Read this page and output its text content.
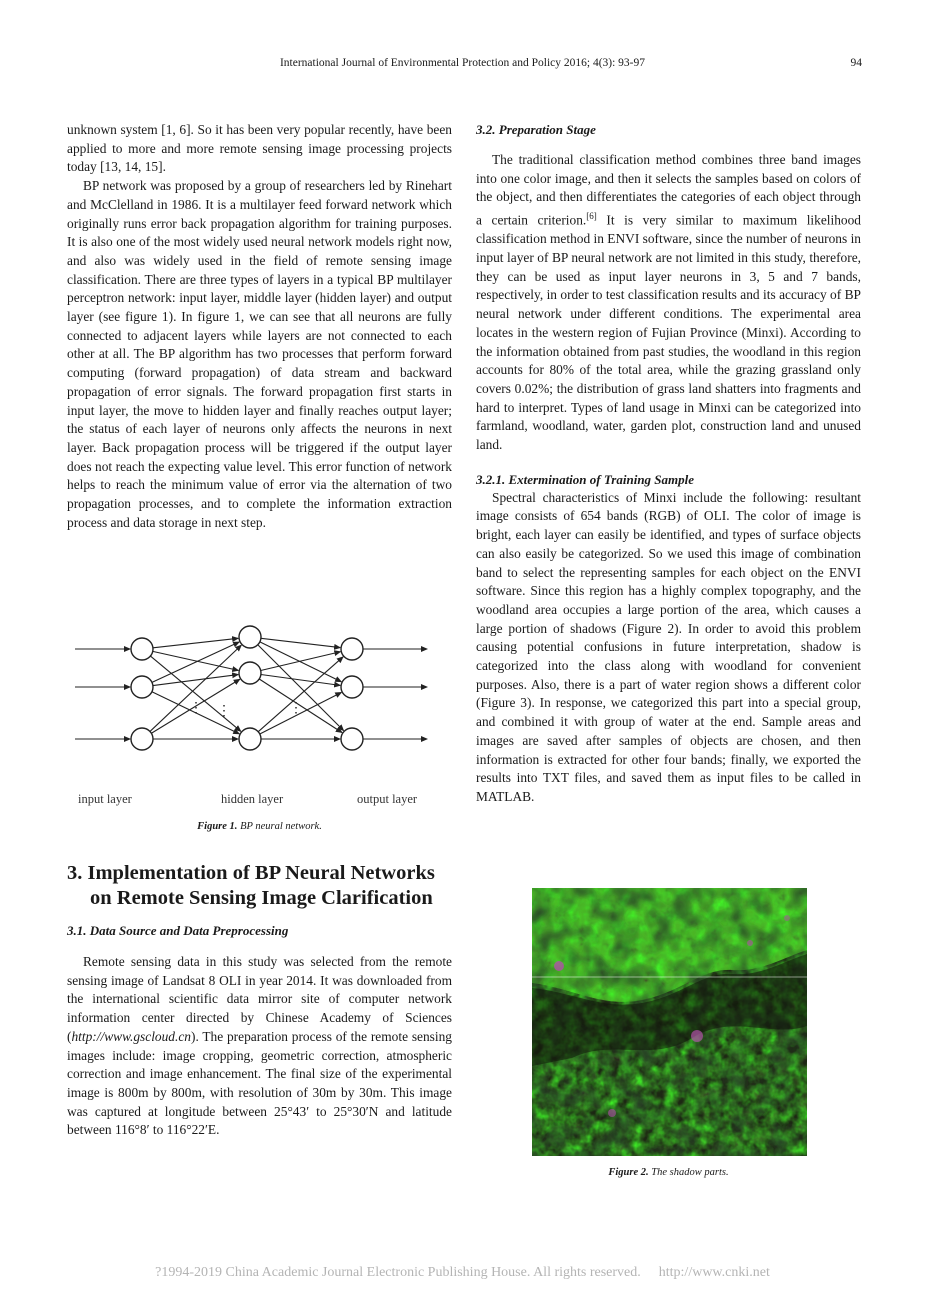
International Journal of Environmental Protection and Policy 2016; 4(3): 93-97	94

unknown system [1, 6]. So it has been very popular recently, have been applied to more and more remote sensing image processing projects today [13, 14, 15].

BP network was proposed by a group of researchers led by Rinehart and McClelland in 1986. It is a multilayer feed forward network which originally runs error back propagation algorithm for training purposes. It is also one of the most widely used neural network models right now, and also was widely used in the field of remote sensing image classification. There are three types of layers in a typical BP multilayer perceptron network: input layer, middle layer (hidden layer) and output layer (see figure 1). In figure 1, we can see that all neurons are fully connected to adjacent layers while layers are not connected to each other at all. The BP algorithm has two processes that perform forward computing (forward propagation) of data stream and backward propagation of error signals. The forward propagation first starts in input layer, the move to hidden layer and finally reaches output layer; the status of each layer of neurons only affects the neurons in next layer. Back propagation process will be triggered if the output layer does not reach the expecting value level. This error function of network helps to reach the minimum value of error via the alternation of two propagation processes, and to complete the information extraction process and data storage in next step.

⋮ ⋮	⋮
input layer	hidden layer	output layer
Figure 1. BP neural network.
3. Implementation of BP Neural Networks on Remote Sensing Image Clarification
3.1. Data Source and Data Preprocessing

Remote sensing data in this study was selected from the remote sensing image of Landsat 8 OLI in year 2014. It was downloaded from the international scientific data mirror site of computer network information center directed by Chinese Academy of Sciences (http://www.gscloud.cn). The preparation process of the remote sensing images include: image cropping, geometric correction, atmospheric correction and image enhancement. The final size of the experimental image is 800m by 800m, with resolution of 30m by 30m. This image was captured at longitude between 25°43′ to 25°30′N and latitude between 116°8′ to 116°22′E.

3.2. Preparation Stage

The traditional classification method combines three band images into one color image, and then it selects the samples based on colors of the object, and then differentiates the categories of each object through a certain criterion.[6] It is very similar to maximum likelihood classification method in ENVI software, since the number of neurons in input layer of BP neural network are not limited in this study, therefore, they can be used as input layer neurons in 3, 5 and 7 bands, respectively, in order to test classification results and its accuracy of BP neural network under different conditions. The experimental area locates in the western region of Fujian Province (Minxi). According to the information obtained from past studies, the woodland in this region accounts for 80% of the total area, while the grazing grassland only covers 0.02%; the distribution of grass land shatters into fragments and hard to interpret. Types of land usage in Minxi can be categorized into farmland, woodland, water, garden plot, construction land and unused land.

3.2.1. Extermination of Training Sample

Spectral characteristics of Minxi include the following: resultant image consists of 654 bands (RGB) of OLI. The color of image is bright, each layer can easily be identified, and types of surface objects can also easily be categorized. So we used this image of combination band to select the representing samples for each object on the ENVI software. Since this region has a highly complex topography, and the woodland area occupies a large portion of the area, which causes a large portion of shadows (Figure 2). In order to avoid this problem causing potential confusions in future interpretation, shadow is categorized into the class along with woodland for convenient purposes. Also, there is a part of water region shows a different color (Figure 3). In response, we categorized this part into a special group, and combined it with group of water at the end. Sample areas and images are saved after samples of objects are chosen, and then information is extracted for other four bands; finally, we exported the results into TXT files, and saved them as input files to be called in MATLAB.

Figure 2. The shadow parts.
?1994-2019 China Academic Journal Electronic Publishing House. All rights reserved. http://www.cnki.net
